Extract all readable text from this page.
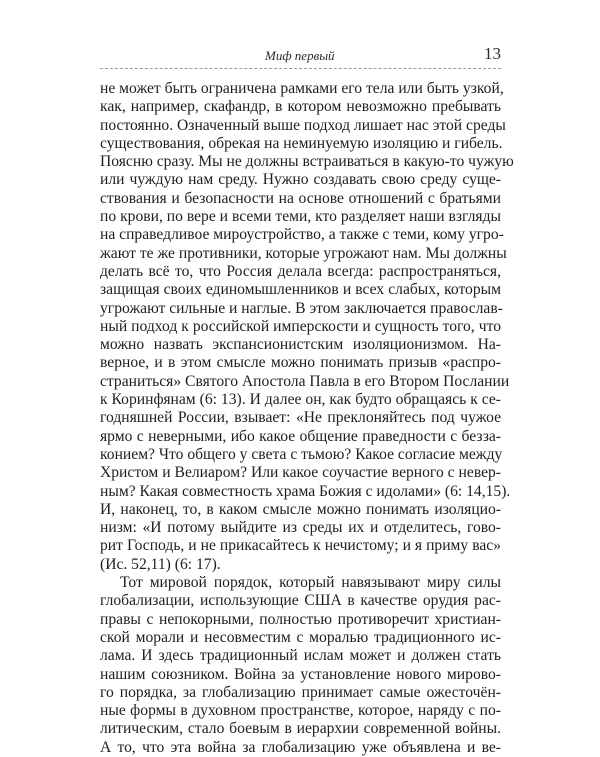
Миф первый	13
не может быть ограничена рамками его тела или быть узкой,
как, например, скафандр, в котором невозможно пребывать
постоянно. Означенный выше подход лишает нас этой среды
существования, обрекая на неминуемую изоляцию и гибель.
Поясню сразу. Мы не должны встраиваться в какую-то чужую
или чуждую нам среду. Нужно создавать свою среду суще-
ствования и безопасности на основе отношений с братьями
по крови, по вере и всеми теми, кто разделяет наши взгляды
на справедливое мироустройство, а также с теми, кому угро-
жают те же противники, которые угрожают нам. Мы должны
делать всё то, что Россия делала всегда: распространяться,
защищая своих единомышленников и всех слабых, которым
угрожают сильные и наглые. В этом заключается православ-
ный подход к российской имперскости и сущность того, что
можно назвать экспансионистским изоляционизмом. На-
верное, и в этом смысле можно понимать призыв «распро-
страниться» Святого Апостола Павла в его Втором Послании
к Коринфянам (6: 13). И далее он, как будто обращаясь к се-
годняшней России, взывает: «Не преклоняйтесь под чужое
ярмо с неверными, ибо какое общение праведности с безза-
конием? Что общего у света с тьмою? Какое согласие между
Христом и Велиаром? Или какое соучастие верного с невер-
ным? Какая совместность храма Божия с идолами» (6: 14,15).
И, наконец, то, в каком смысле можно понимать изоляцио-
низм: «И потому выйдите из среды их и отделитесь, гово-
рит Господь, и не прикасайтесь к нечистому; и я приму вас»
(Ис. 52,11) (6: 17).
Тот мировой порядок, который навязывают миру силы
глобализации, использующие США в качестве орудия рас-
правы с непокорными, полностью противоречит христиан-
ской морали и несовместим с моралью традиционного ис-
лама. И здесь традиционный ислам может и должен стать
нашим союзником. Война за установление нового мирово-
го порядка, за глобализацию принимает самые ожесточён-
ные формы в духовном пространстве, которое, наряду с по-
литическим, стало боевым в иерархии современной войны.
А то, что эта война за глобализацию уже объявлена и ве-
